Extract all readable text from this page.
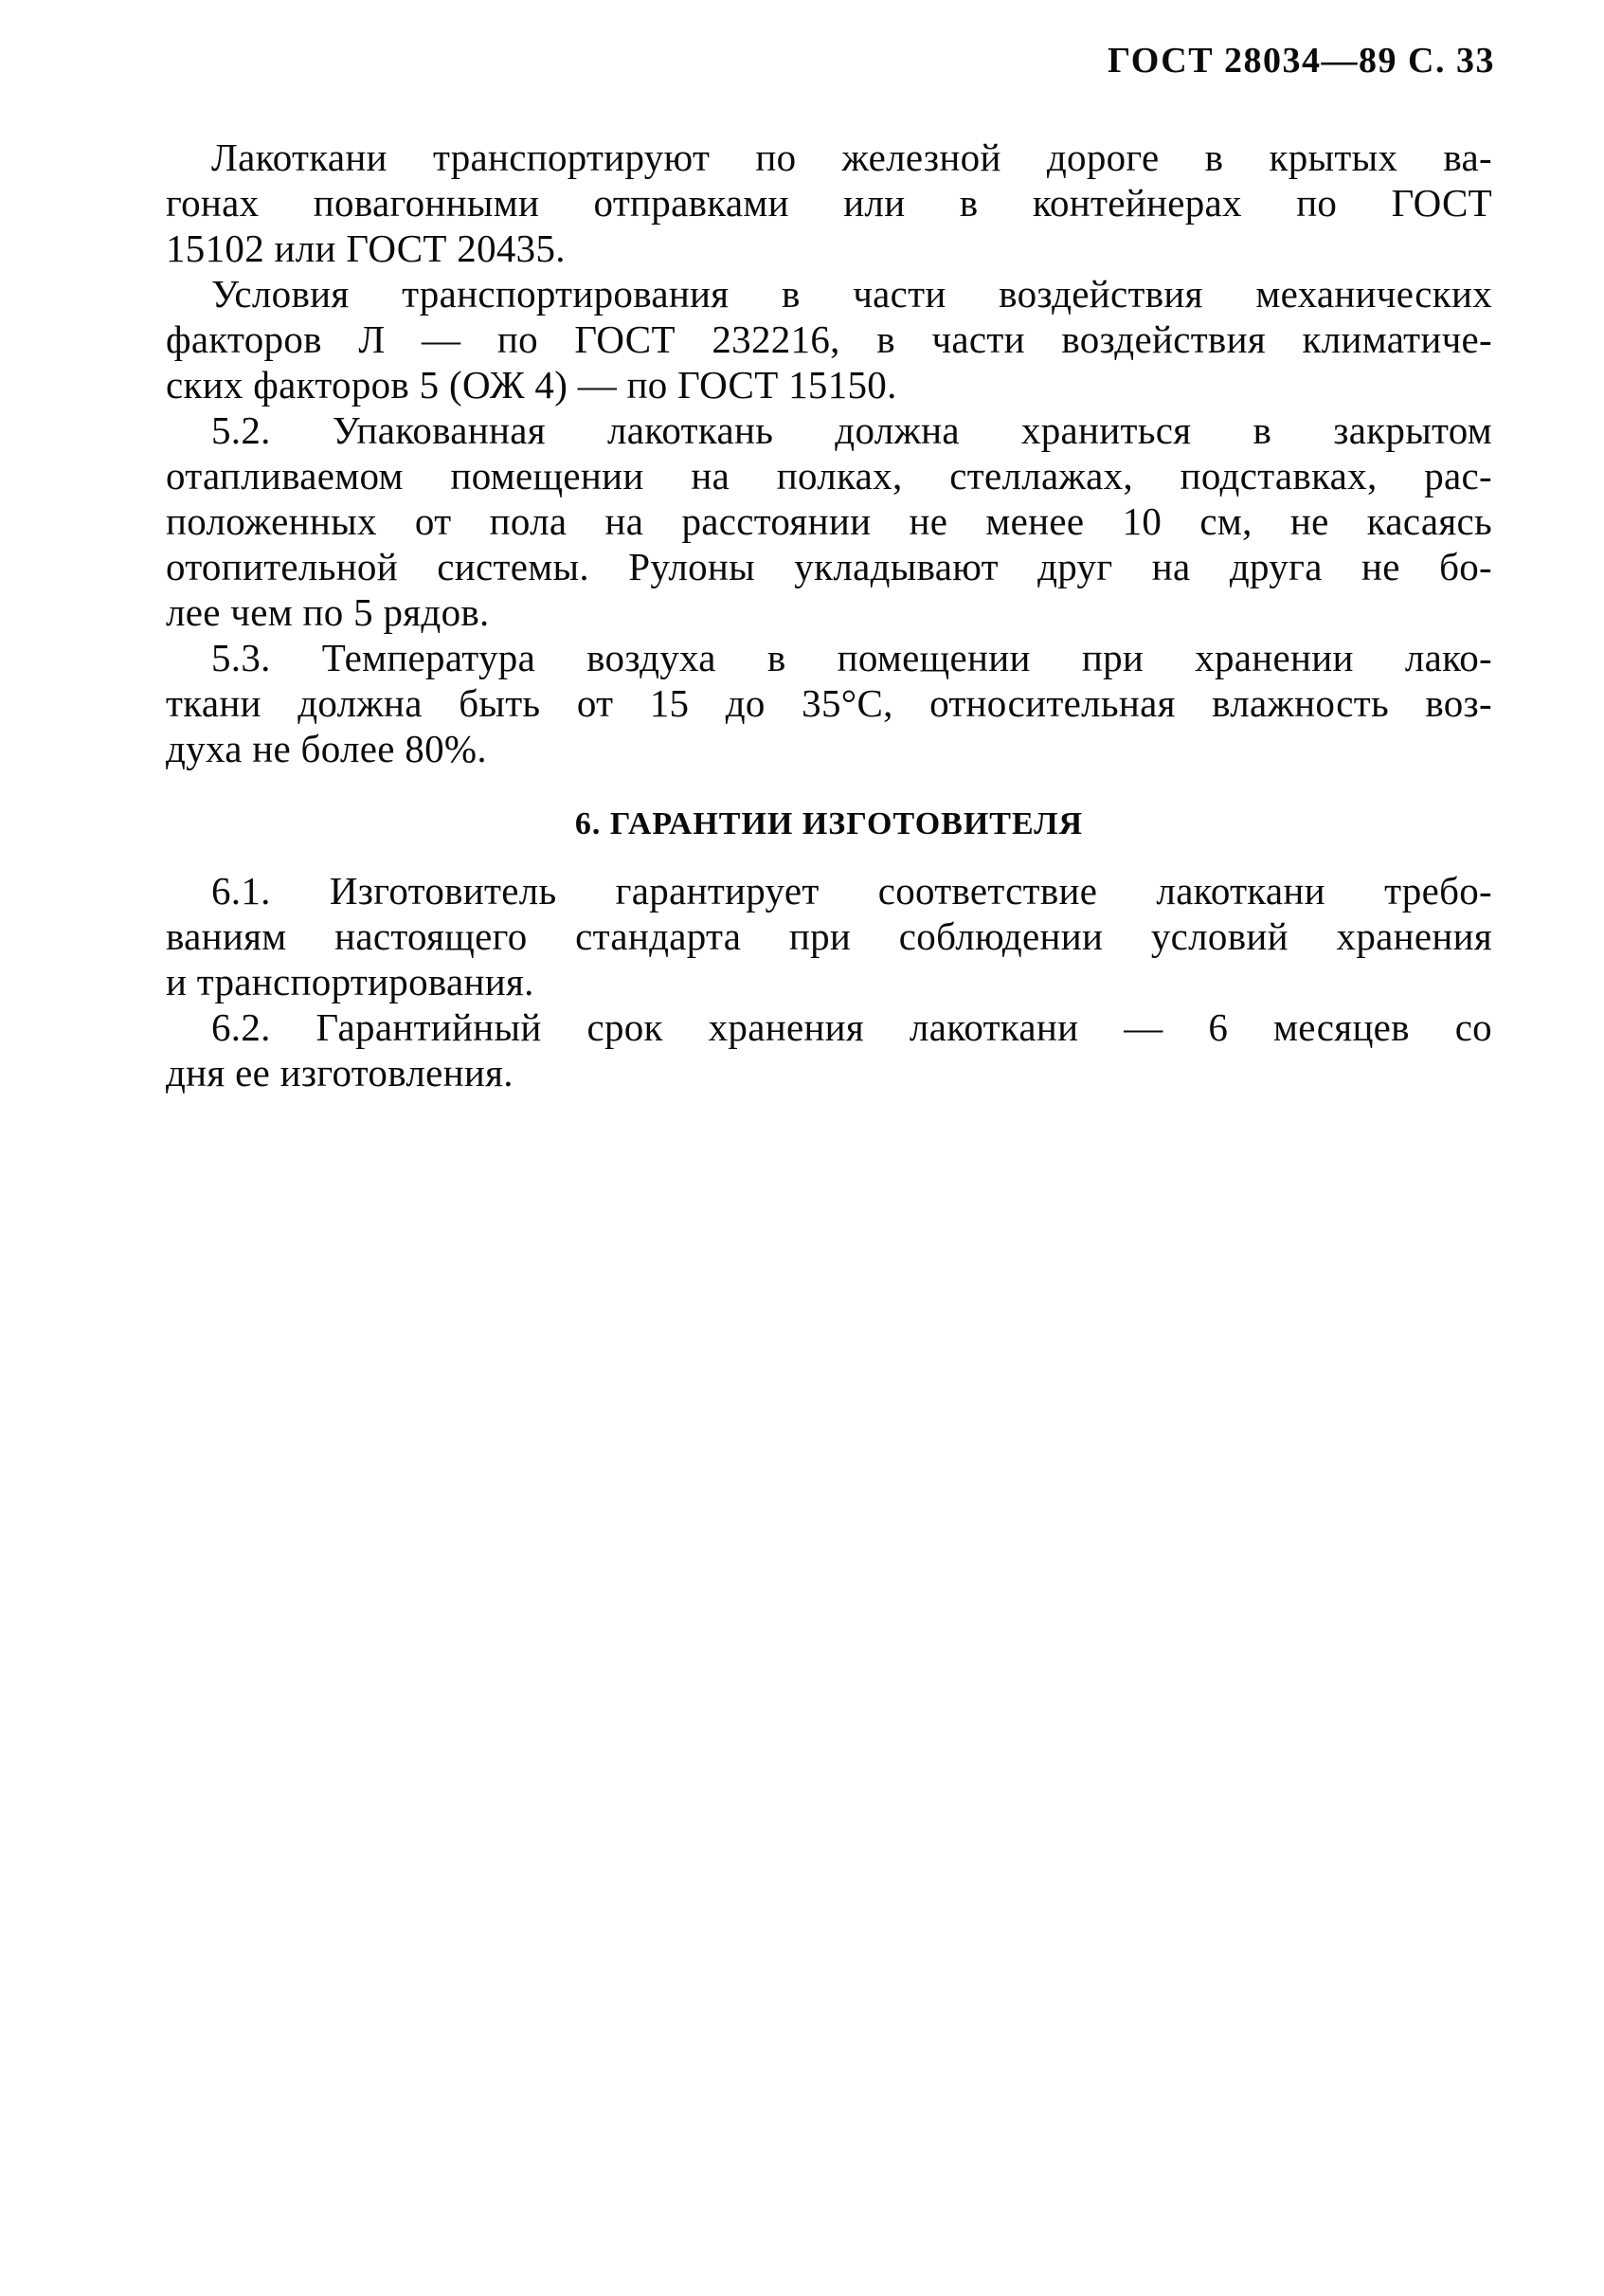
ГОСТ 28034—89 С. 33
Лакоткани транспортируют по железной дороге в крытых ва-
гонах повагонными отправками или в контейнерах по ГОСТ
15102 или ГОСТ 20435.
Условия транспортирования в части воздействия механических
факторов Л — по ГОСТ 232216, в части воздействия климатиче-
ских факторов 5 (ОЖ 4) — по ГОСТ 15150.
5.2. Упакованная лакоткань должна храниться в закрытом
отапливаемом помещении на полках, стеллажах, подставках, рас-
положенных от пола на расстоянии не менее 10 см, не касаясь
отопительной системы. Рулоны укладывают друг на друга не бо-
лее чем по 5 рядов.
5.3. Температура воздуха в помещении при хранении лако-
ткани должна быть от 15 до 35°С, относительная влажность воз-
духа не более 80%.
6. ГАРАНТИИ ИЗГОТОВИТЕЛЯ
6.1. Изготовитель гарантирует соответствие лакоткани требо-
ваниям настоящего стандарта при соблюдении условий хранения
и транспортирования.
6.2. Гарантийный срок хранения лакоткани — 6 месяцев со
дня ее изготовления.
